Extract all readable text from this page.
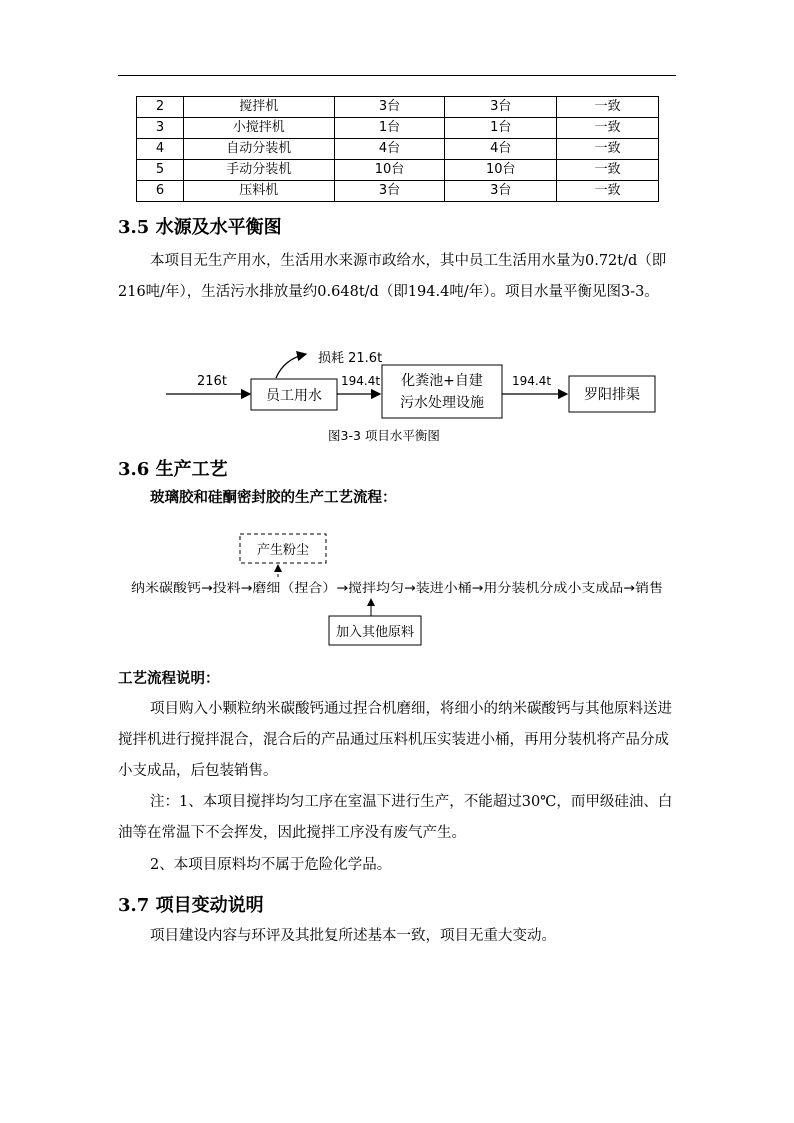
2	搅拌机	3台	3台	一致
3	小搅拌机	1台	1台	一致
4	自动分装机	4台	4台	一致
5	手动分装机	10台	10台	一致
6	压料机	3台	3台	一致
3.5 水源及水平衡图
本项目无生产用水，生活用水来源市政给水，其中员工生活用水量为0.72t/d（即216吨/年），生活污水排放量约0.648t/d（即194.4吨/年）。项目水量平衡见图3-3。
216t
员工用水
损耗 21.6t
194.4t 化粪池+自建
污水处理设施
194.4t
罗阳排渠
图3-3 项目水平衡图
3.6 生产工艺
玻璃胶和硅酮密封胶的生产工艺流程：
产生粉尘
纳米碳酸钙→投料→磨细（捏合）→搅拌均匀→装进小桶→用分装机分成小支成品→销售
加入其他原料
工艺流程说明：
项目购入小颗粒纳米碳酸钙通过捏合机磨细，将细小的纳米碳酸钙与其他原料送进搅拌机进行搅拌混合，混合后的产品通过压料机压实装进小桶，再用分装机将产品分成小支成品，后包装销售。
注：1、本项目搅拌均匀工序在室温下进行生产，不能超过30℃，而甲级硅油、白油等在常温下不会挥发，因此搅拌工序没有废气产生。
2、本项目原料均不属于危险化学品。
3.7 项目变动说明
项目建设内容与环评及其批复所述基本一致，项目无重大变动。
